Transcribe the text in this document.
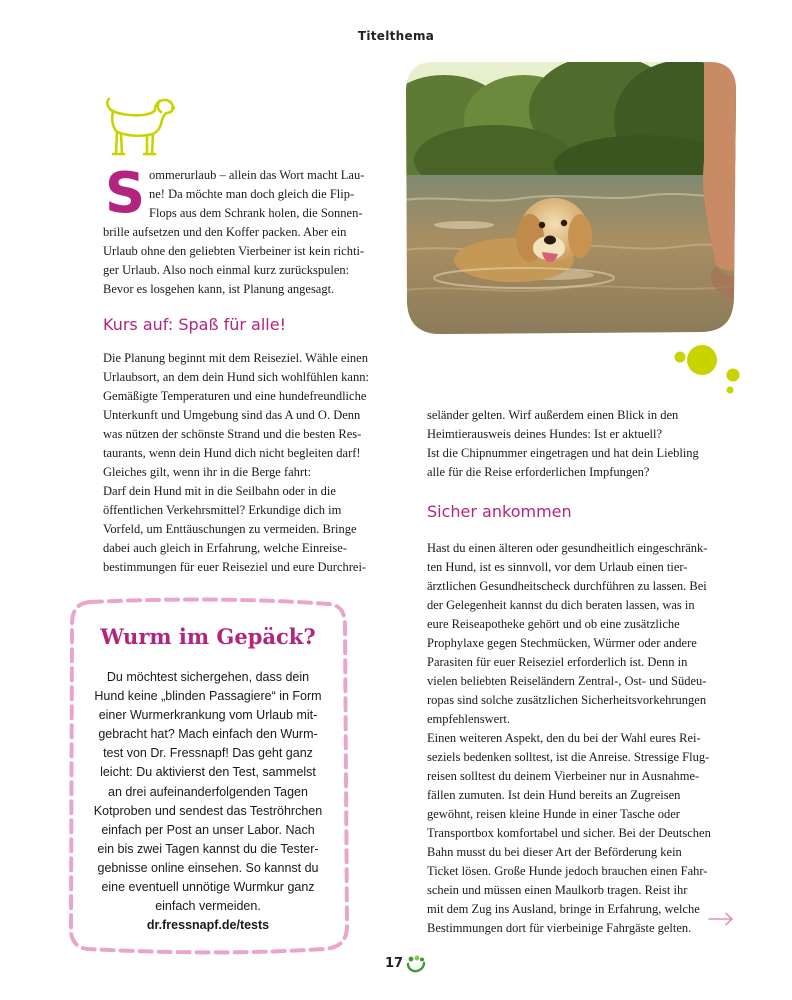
Titelthema
S ommerurlaub – allein das Wort macht Lau-
ne! Da möchte man doch gleich die Flip-
Flops aus dem Schrank holen, die Sonnen-
brille aufsetzen und den Koffer packen. Aber ein
Urlaub ohne den geliebten Vierbeiner ist kein richti-
ger Urlaub. Also noch einmal kurz zurückspulen:
Bevor es losgehen kann, ist Planung angesagt.
Kurs auf: Spaß für alle!
Die Planung beginnt mit dem Reiseziel. Wähle einen
Urlaubsort, an dem dein Hund sich wohlfühlen kann:
Gemäßigte Temperaturen und eine hundefreundliche
Unterkunft und Umgebung sind das A und O. Denn
was nützen der schönste Strand und die besten Res-
taurants, wenn dein Hund dich nicht begleiten darf!
Gleiches gilt, wenn ihr in die Berge fahrt:
Darf dein Hund mit in die Seilbahn oder in die
öffentlichen Verkehrsmittel? Erkundige dich im
Vorfeld, um Enttäuschungen zu vermeiden. Bringe
dabei auch gleich in Erfahrung, welche Einreise-
bestimmungen für euer Reiseziel und eure Durchrei-
seländer gelten. Wirf außerdem einen Blick in den
Heimtierausweis deines Hundes: Ist er aktuell?
Ist die Chipnummer eingetragen und hat dein Liebling
alle für die Reise erforderlichen Impfungen?
Sicher ankommen
Hast du einen älteren oder gesundheitlich eingeschränk-
ten Hund, ist es sinnvoll, vor dem Urlaub einen tier-
ärztlichen Gesundheitscheck durchführen zu lassen. Bei
der Gelegenheit kannst du dich beraten lassen, was in
eure Reiseapotheke gehört und ob eine zusätzliche
Prophylaxe gegen Stechmücken, Würmer oder andere
Parasiten für euer Reiseziel erforderlich ist. Denn in
vielen beliebten Reiseländern Zentral-, Ost- und Südeu-
ropas sind solche zusätzlichen Sicherheitsvorkehrungen
empfehlenswert.
Einen weiteren Aspekt, den du bei der Wahl eures Rei-
seziels bedenken solltest, ist die Anreise. Stressige Flug-
reisen solltest du deinem Vierbeiner nur in Ausnahme-
fällen zumuten. Ist dein Hund bereits an Zugreisen
gewöhnt, reisen kleine Hunde in einer Tasche oder
Transportbox komfortabel und sicher. Bei der Deutschen
Bahn musst du bei dieser Art der Beförderung kein
Ticket lösen. Große Hunde jedoch brauchen einen Fahr-
schein und müssen einen Maulkorb tragen. Reist ihr
mit dem Zug ins Ausland, bringe in Erfahrung, welche
Bestimmungen dort für vierbeinige Fahrgäste gelten.
Wurm im Gepäck?
Du möchtest sichergehen, dass dein
Hund keine „blinden Passagiere“ in Form
einer Wurmerkrankung vom Urlaub mit-
gebracht hat? Mach einfach den Wurm-
test von Dr. Fressnapf! Das geht ganz
leicht: Du aktivierst den Test, sammelst
an drei aufeinanderfolgenden Tagen
Kotproben und sendest das Teströhrchen
einfach per Post an unser Labor. Nach
ein bis zwei Tagen kannst du die Tester-
gebnisse online einsehen. So kannst du
eine eventuell unnötige Wurmkur ganz
einfach vermeiden.
dr.fressnapf.de/tests
17
